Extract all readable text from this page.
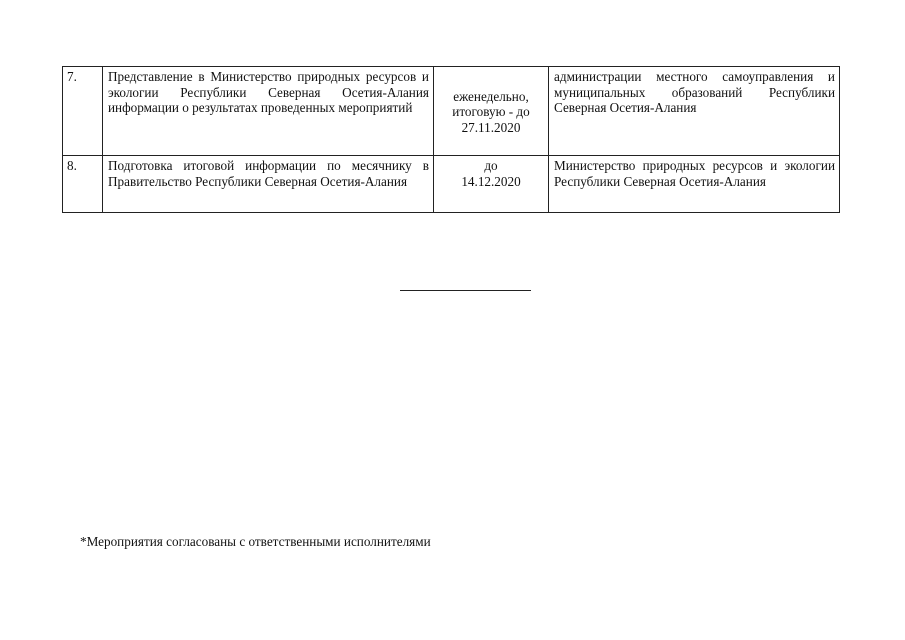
7.	Представление в Министерство природных ресурсов и экологии Республики Северная Осетия-Алания информации о результатах проведенных мероприятий	еженедельно,
итоговую - до
27.11.2020	администрации местного самоуправления и муниципальных образований Республики Северная Осетия-Алания
8.	Подготовка итоговой информации по месячнику в Правительство Республики Северная Осетия-Алания	до
14.12.2020	Министерство природных ресурсов и экологии Республики Северная Осетия-Алания
*Мероприятия согласованы с ответственными исполнителями
